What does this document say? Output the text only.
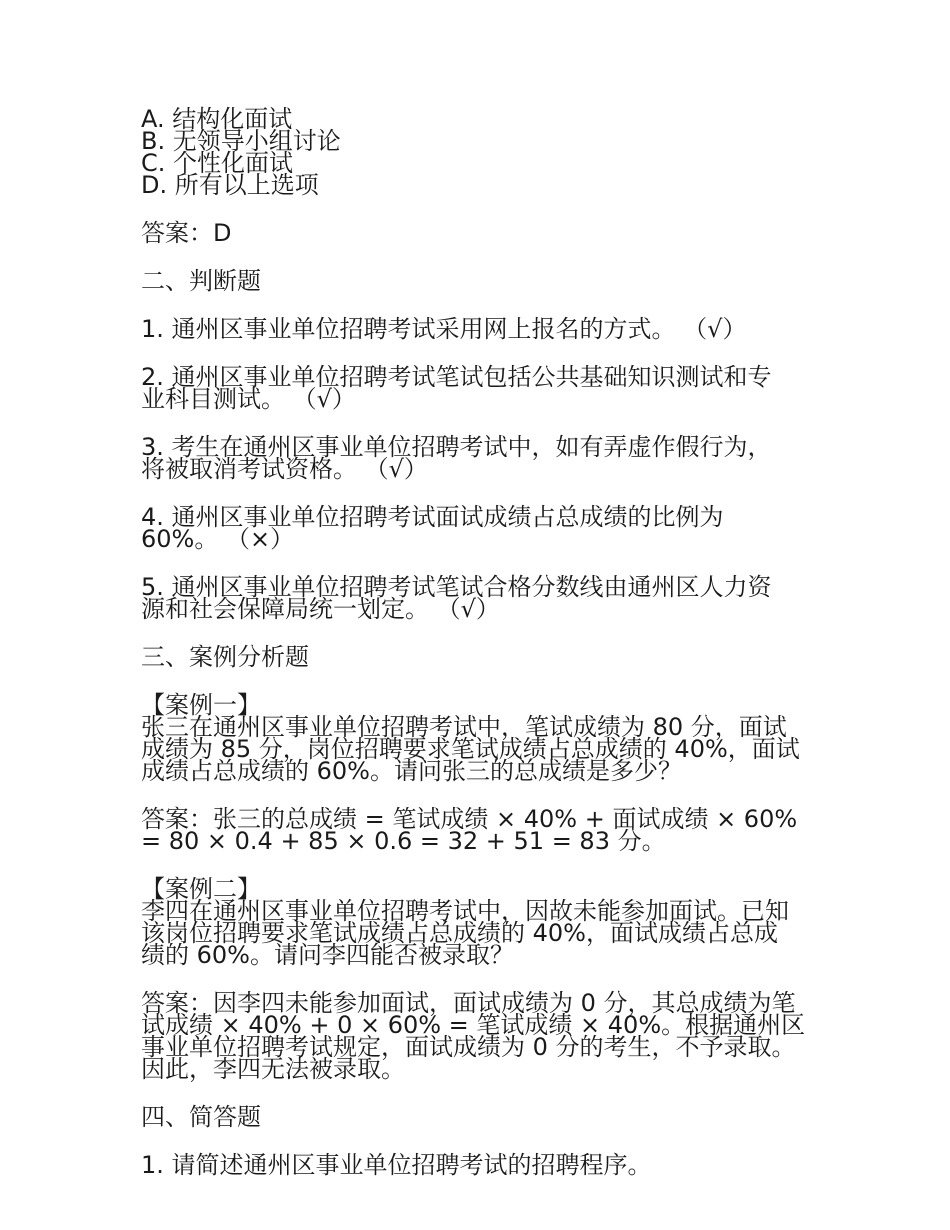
A. 结构化面试
B. 无领导小组讨论
C. 个性化面试
D. 所有以上选项
答案：D
二、判断题
1. 通州区事业单位招聘考试采用网上报名的方式。 （√）
2. 通州区事业单位招聘考试笔试包括公共基础知识测试和专
业科目测试。 （√）
3. 考生在通州区事业单位招聘考试中，如有弄虚作假行为，
将被取消考试资格。 （√）
4. 通州区事业单位招聘考试面试成绩占总成绩的比例为
60%。 （×）
5. 通州区事业单位招聘考试笔试合格分数线由通州区人力资
源和社会保障局统一划定。 （√）
三、案例分析题
【案例一】
张三在通州区事业单位招聘考试中，笔试成绩为 80 分，面试
成绩为 85 分，岗位招聘要求笔试成绩占总成绩的 40%，面试
成绩占总成绩的 60%。请问张三的总成绩是多少？
答案：张三的总成绩 = 笔试成绩 × 40% + 面试成绩 × 60%
= 80 × 0.4 + 85 × 0.6 = 32 + 51 = 83 分。
【案例二】
李四在通州区事业单位招聘考试中，因故未能参加面试。已知
该岗位招聘要求笔试成绩占总成绩的 40%，面试成绩占总成
绩的 60%。请问李四能否被录取？
答案：因李四未能参加面试，面试成绩为 0 分，其总成绩为笔
试成绩 × 40% + 0 × 60% = 笔试成绩 × 40%。根据通州区
事业单位招聘考试规定，面试成绩为 0 分的考生，不予录取。
因此，李四无法被录取。
四、简答题
1. 请简述通州区事业单位招聘考试的招聘程序。
